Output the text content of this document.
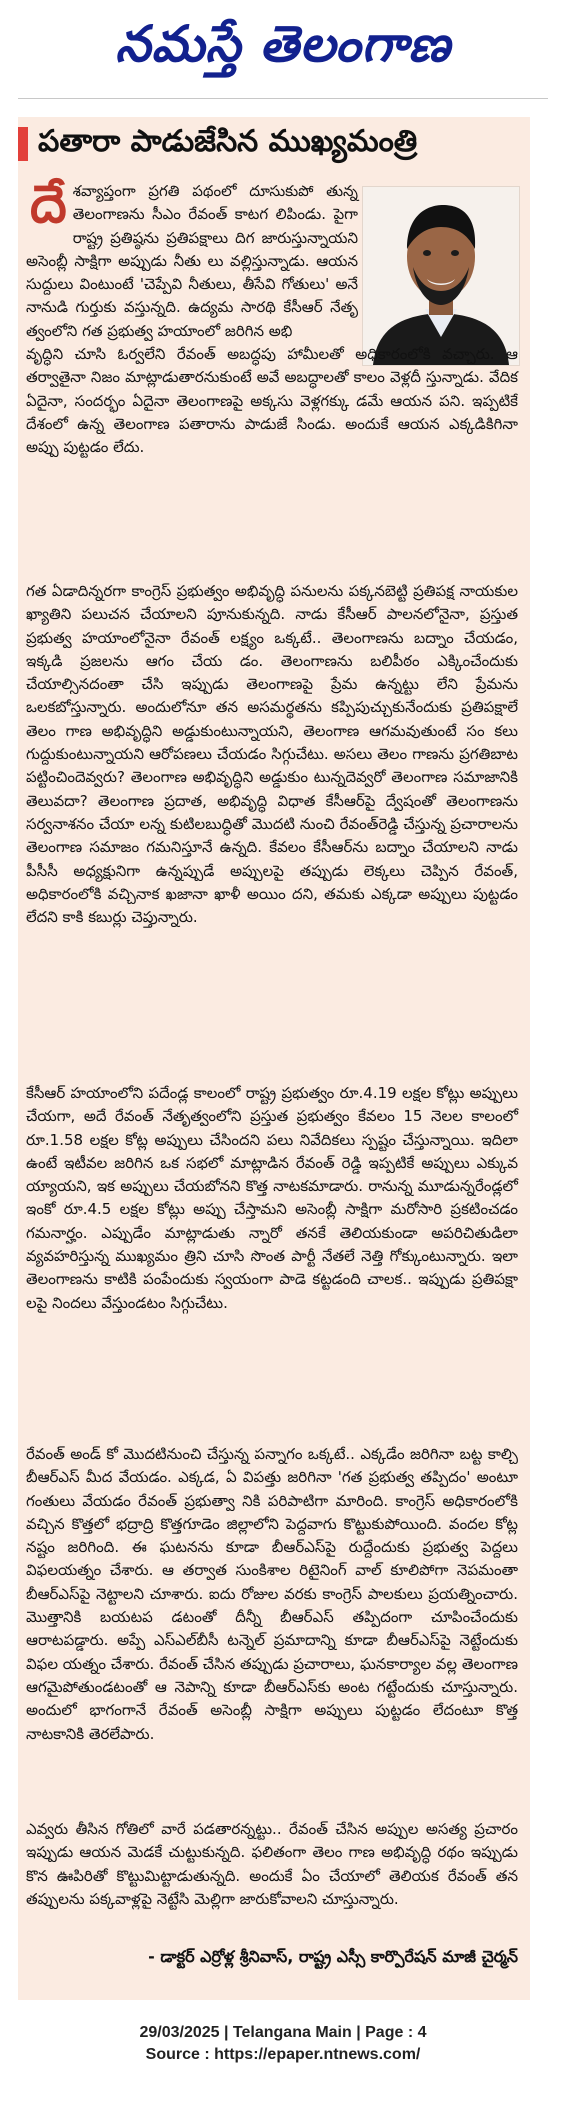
నమస్తే తెలంగాణ
పతారా పాడుజేసిన ముఖ్యమంత్రి
దే శవ్యాప్తంగా ప్రగతి పథంలో దూసుకుపో తున్న తెలంగాణను సీఎం రేవంత్ కాటగ లిపిండు. పైగా రాష్ట్ర ప్రతిష్ఠను ప్రతిపక్షాలు దిగ జారుస్తున్నాయని అసెంబ్లీ సాక్షిగా అప్పుడు నీతు లు వల్లిస్తున్నాడు. ఆయన సుద్దులు వింటుంటే 'చెప్పేవి నీతులు, తీసేవి గోతులు' అనే నానుడి గుర్తుకు వస్తున్నది. ఉద్యమ సారథి కేసీఆర్ నేతృ త్వంలోని గత ప్రభుత్వ హయాంలో జరిగిన అభి
వృద్ధిని చూసి ఓర్వలేని రేవంత్ అబద్ధపు హామీలతో అధికారంలోకి వచ్చారు. ఆ తర్వాతైనా నిజం మాట్లాడుతారనుకుంటే అవే అబద్ధాలతో కాలం వెళ్లదీ స్తున్నాడు. వేదిక ఏదైనా, సందర్భం ఏదైనా తెలంగాణపై అక్కసు వెళ్లగక్కు డమే ఆయన పని. ఇప్పటికే దేశంలో ఉన్న తెలంగాణ పతారాను పాడుజే సిండు. అందుకే ఆయన ఎక్కడికిగినా అప్పు పుట్టడం లేదు.
గత ఏడాదిన్నరగా కాంగ్రెస్ ప్రభుత్వం అభివృద్ధి పనులను పక్కనబెట్టి ప్రతిపక్ష నాయకుల ఖ్యాతిని పలుచన చేయాలని పూనుకున్నది. నాడు కేసీఆర్ పాలనలోనైనా, ప్రస్తుత ప్రభుత్వ హయాంలోనైనా రేవంత్ లక్ష్యం ఒక్కటే.. తెలంగాణను బద్నాం చేయడం, ఇక్కడి ప్రజలను ఆగం చేయ డం. తెలంగాణను బలిపీఠం ఎక్కించేందుకు చేయాల్సినదంతా చేసి ఇప్పుడు తెలంగాణపై ప్రేమ ఉన్నట్టు లేని ప్రేమను ఒలకబోస్తున్నారు. అందులోనూ తన అసమర్థతను కప్పిపుచ్చుకునేందుకు ప్రతిపక్షాలే తెలం గాణ అభివృద్ధిని అడ్డుకుంటున్నాయని, తెలంగాణ ఆగమవుతుంటే సం కలు గుద్దుకుంటున్నాయని ఆరోపణలు చేయడం సిగ్గుచేటు. అసలు తెలం గాణను ప్రగతిబాట పట్టించిందెవ్వరు? తెలంగాణ అభివృద్ధిని అడ్డుకుం టున్నదెవ్వరో తెలంగాణ సమాజానికి తెలువదా? తెలంగాణ ప్రదాత, అభివృద్ధి విధాత కేసీఆర్‌పై ద్వేషంతో తెలంగాణను సర్వనాశనం చేయా లన్న కుటిలబుద్ధితో మొదటి నుంచి రేవంత్‌రెడ్డి చేస్తున్న ప్రచారాలను తెలంగాణ సమాజం గమనిస్తూనే ఉన్నది. కేవలం కేసీఆర్‌ను బద్నాం చేయాలని నాడు పీసీసీ అధ్యక్షునిగా ఉన్నప్పుడే అప్పులపై తప్పుడు లెక్కలు చెప్పిన రేవంత్, అధికారంలోకి వచ్చినాక ఖజానా ఖాళీ అయిం దని, తమకు ఎక్కడా అప్పులు పుట్టడం లేదని కాకి కబుర్లు చెప్తున్నారు.
కేసీఆర్ హయాంలోని పదేండ్ల కాలంలో రాష్ట్ర ప్రభుత్వం రూ.4.19 లక్షల కోట్లు అప్పులు చేయగా, అదే రేవంత్ నేతృత్వంలోని ప్రస్తుత ప్రభుత్వం కేవలం 15 నెలల కాలంలో రూ.1.58 లక్షల కోట్ల అప్పులు చేసిందని పలు నివేదికలు స్పష్టం చేస్తున్నాయి. ఇదిలా ఉంటే ఇటీవల జరిగిన ఒక సభలో మాట్లాడిన రేవంత్ రెడ్డి ఇప్పటికే అప్పులు ఎక్కువ య్యాయని, ఇక అప్పులు చేయబోనని కొత్త నాటకమాడారు. రానున్న మూడున్నరేండ్లలో ఇంకో రూ.4.5 లక్షల కోట్లు అప్పు చేస్తామని అసెంబ్లీ సాక్షిగా మరోసారి ప్రకటించడం గమనార్హం. ఎప్పుడేం మాట్లాడుతు న్నారో తనకే తెలియకుండా అపరిచితుడిలా వ్యవహరిస్తున్న ముఖ్యమం త్రిని చూసి సొంత పార్టీ నేతలే నెత్తి గోక్కుంటున్నారు. ఇలా తెలంగాణను కాటికి పంపేందుకు స్వయంగా పాడె కట్టడంది చాలక.. ఇప్పుడు ప్రతిపక్షా లపై నిందలు వేస్తుండటం సిగ్గుచేటు.
రేవంత్ అండ్ కో మొదటినుంచి చేస్తున్న పన్నాగం ఒక్కటే.. ఎక్కడేం జరిగినా బట్ట కాల్చి బీఆర్‌ఎస్ మీద వేయడం. ఎక్కడ, ఏ విపత్తు జరిగినా 'గత ప్రభుత్వ తప్పిదం' అంటూ గంతులు వేయడం రేవంత్ ప్రభుత్వా నికి పరిపాటిగా మారింది. కాంగ్రెస్ అధికారంలోకి వచ్చిన కొత్తలో భద్రాద్రి కొత్తగూడెం జిల్లాలోని పెద్దవాగు కొట్టుకుపోయింది. వందల కోట్ల నష్టం జరిగింది. ఈ ఘటనను కూడా బీఆర్‌ఎస్‌పై రుద్దేందుకు ప్రభుత్వ పెద్దలు విఫలయత్నం చేశారు. ఆ తర్వాత సుంకిశాల రిటైనింగ్ వాల్ కూలిపోగా నెపమంతా బీఆర్‌ఎస్‌పై నెట్టాలని చూశారు. ఐదు రోజుల వరకు కాంగ్రెస్ పాలకులు ప్రయత్నించారు. మొత్తానికి బయటప డటంతో దీన్నీ బీఆర్‌ఎస్ తప్పిదంగా చూపించేందుకు ఆరాటపడ్డారు. అప్పే ఎస్‌ఎల్‌బీసీ టన్నెల్ ప్రమాదాన్ని కూడా బీఆర్‌ఎస్‌పై నెట్టేందుకు విఫల యత్నం చేశారు. రేవంత్ చేసిన తప్పుడు ప్రచారాలు, ఘనకార్యాల వల్ల తెలంగాణ ఆగమైపోతుండటంతో ఆ నెపాన్ని కూడా బీఆర్‌ఎస్‌కు అంట గట్టేందుకు చూస్తున్నారు. అందులో భాగంగానే రేవంత్ అసెంబ్లీ సాక్షిగా అప్పులు పుట్టడం లేదంటూ కొత్త నాటకానికి తెరలేపారు.
ఎవ్వరు తీసిన గోతిలో వారే పడతారన్నట్టు.. రేవంత్ చేసిన అప్పుల అసత్య ప్రచారం ఇప్పుడు ఆయన మెడకే చుట్టుకున్నది. ఫలితంగా తెలం గాణ అభివృద్ధి రథం ఇప్పుడు కొన ఊపిరితో కొట్టుమిట్టాడుతున్నది. అందుకే ఏం చేయాలో తెలియక రేవంత్ తన తప్పులను పక్కవాళ్లపై నెట్టేసి మెల్లిగా జారుకోవాలని చూస్తున్నారు.
- డాక్టర్ ఎర్రోళ్ల శ్రీనివాస్, రాష్ట్ర ఎస్సీ కార్పొరేషన్ మాజీ చైర్మన్
29/03/2025 | Telangana Main | Page : 4
Source : https://epaper.ntnews.com/
